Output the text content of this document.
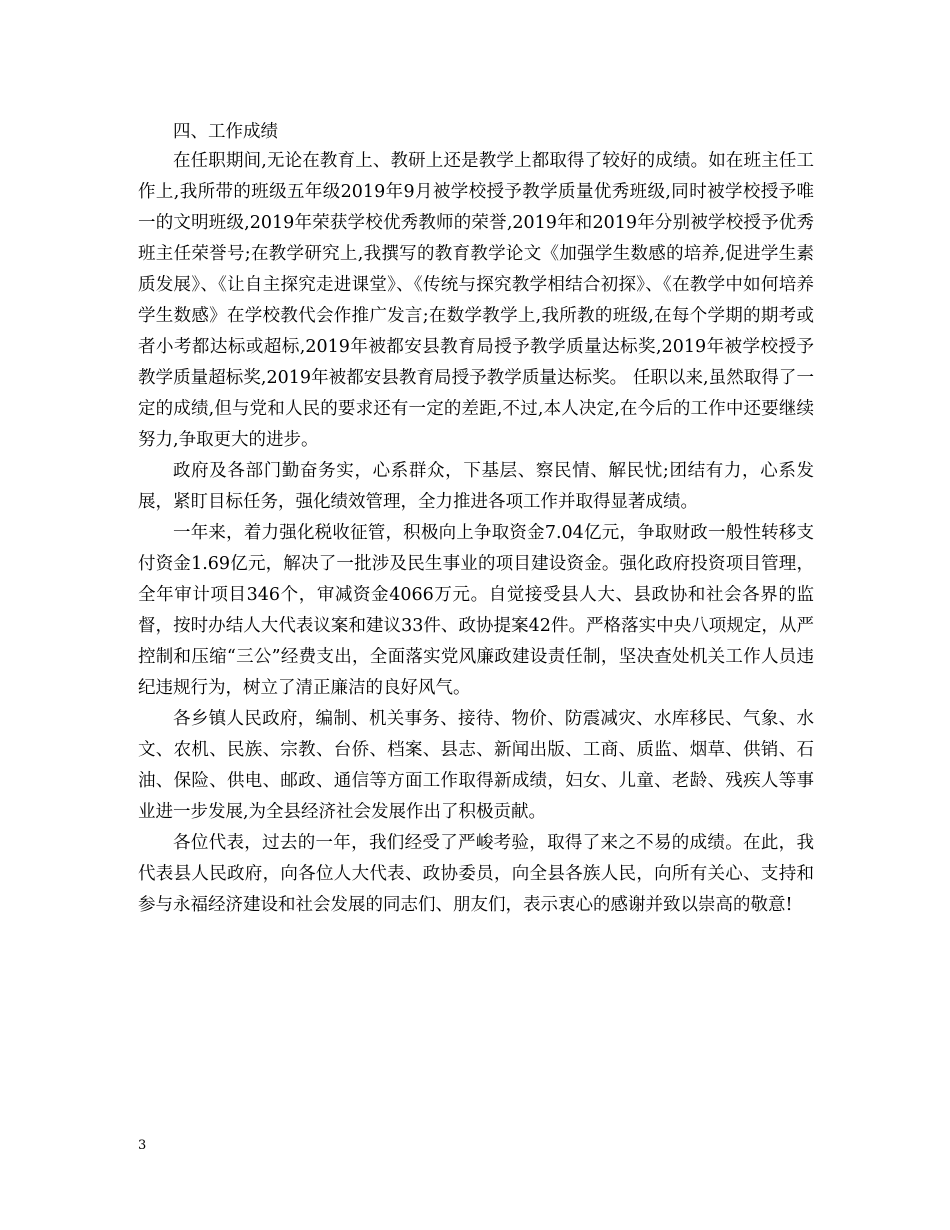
四、工作成绩

在任职期间,无论在教育上、教研上还是教学上都取得了较好的成绩。如在班主任工作上,我所带的班级五年级2019年9月被学校授予教学质量优秀班级,同时被学校授予唯一的文明班级,2019年荣获学校优秀教师的荣誉,2019年和2019年分别被学校授予优秀班主任荣誉号;在教学研究上,我撰写的教育教学论文《加强学生数感的培养,促进学生素质发展》、《让自主探究走进课堂》、《传统与探究教学相结合初探》、《在教学中如何培养学生数感》在学校教代会作推广发言;在数学教学上,我所教的班级,在每个学期的期考或者小考都达标或超标,2019年被都安县教育局授予教学质量达标奖,2019年被学校授予教学质量超标奖,2019年被都安县教育局授予教学质量达标奖。 任职以来,虽然取得了一定的成绩,但与党和人民的要求还有一定的差距,不过,本人决定,在今后的工作中还要继续努力,争取更大的进步。

政府及各部门勤奋务实，心系群众，下基层、察民情、解民忧;团结有力，心系发展，紧盯目标任务，强化绩效管理，全力推进各项工作并取得显著成绩。

一年来，着力强化税收征管，积极向上争取资金7.04亿元，争取财政一般性转移支付资金1.69亿元，解决了一批涉及民生事业的项目建设资金。强化政府投资项目管理，全年审计项目346个，审减资金4066万元。自觉接受县人大、县政协和社会各界的监督，按时办结人大代表议案和建议33件、政协提案42件。严格落实中央八项规定，从严控制和压缩“三公”经费支出，全面落实党风廉政建设责任制，坚决查处机关工作人员违纪违规行为，树立了清正廉洁的良好风气。

各乡镇人民政府，编制、机关事务、接待、物价、防震减灾、水库移民、气象、水文、农机、民族、宗教、台侨、档案、县志、新闻出版、工商、质监、烟草、供销、石油、保险、供电、邮政、通信等方面工作取得新成绩，妇女、儿童、老龄、残疾人等事业进一步发展,为全县经济社会发展作出了积极贡献。

各位代表，过去的一年，我们经受了严峻考验，取得了来之不易的成绩。在此，我代表县人民政府，向各位人大代表、政协委员，向全县各族人民，向所有关心、支持和参与永福经济建设和社会发展的同志们、朋友们，表示衷心的感谢并致以崇高的敬意!

3
